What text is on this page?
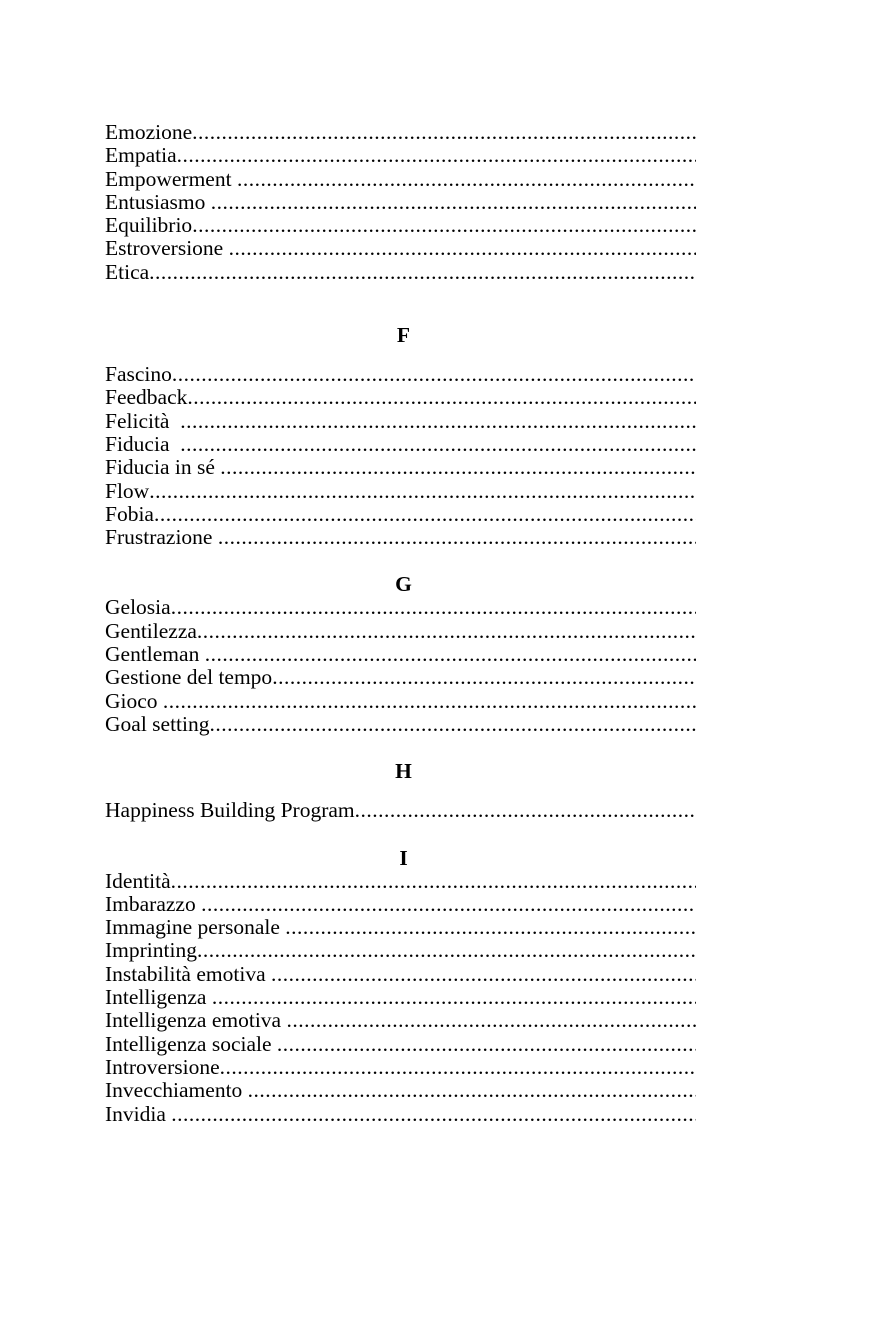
Emozione
.....
Empatia
.....
Empowerment
.....
Entusiasmo
.....
Equilibrio
.....
Estroversione
.....
Etica
.....
F
Fascino
.....
Feedback
.....
Felicità
.....
Fiducia
.....
Fiducia in sé
.....
Flow
.....
Fobia
.....
Frustrazione
.....
G
Gelosia
.....
Gentilezza
.....
Gentleman
.....
Gestione del tempo
.....
Gioco
.....
Goal setting
.....
H
Happiness Building Program
.....
I
Identità
.....
Imbarazzo
.....
Immagine personale
.....
Imprinting
.....
Instabilità emotiva
.....
Intelligenza
.....
Intelligenza emotiva
.....
Intelligenza sociale
.....
Introversione
.....
Invecchiamento
.....
Invidia
.....
